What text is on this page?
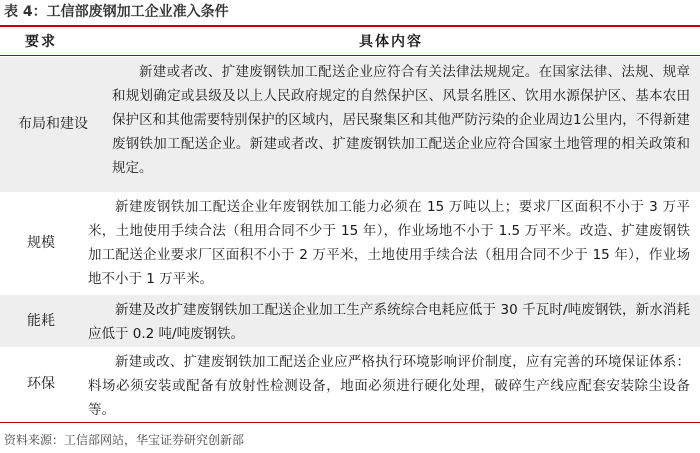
表 4：工信部废钢加工企业准入条件
要求	具体内容
布局和建设
新建或者改、扩建废钢铁加工配送企业应符合有关法律法规规定。在国家法律、法规、规章和规划确定或县级及以上人民政府规定的自然保护区、风景名胜区、饮用水源保护区、基本农田保护区和其他需要特别保护的区域内，居民聚集区和其他严防污染的企业周边1公里内，不得新建废钢铁加工配送企业。新建或者改、扩建废钢铁加工配送企业应符合国家土地管理的相关政策和规定。
规模
新建废钢铁加工配送企业年废钢铁加工能力必须在 15 万吨以上；要求厂区面积不小于 3 万平米，土地使用手续合法（租用合同不少于 15 年），作业场地不小于 1.5 万平米。改造、扩建废钢铁加工配送企业要求厂区面积不小于 2 万平米，土地使用手续合法（租用合同不少于 15 年），作业场地不小于 1 万平米。
能耗
新建及改扩建废钢铁加工配送企业加工生产系统综合电耗应低于 30 千瓦时/吨废钢铁，新水消耗应低于 0.2 吨/吨废钢铁。
环保
新建或改、扩建废钢铁加工配送企业应严格执行环境影响评价制度，应有完善的环境保证体系：料场必须安装或配备有放射性检测设备，地面必须进行硬化处理，破碎生产线应配套安装除尘设备等。
资料来源：工信部网站，华宝证券研究创新部
